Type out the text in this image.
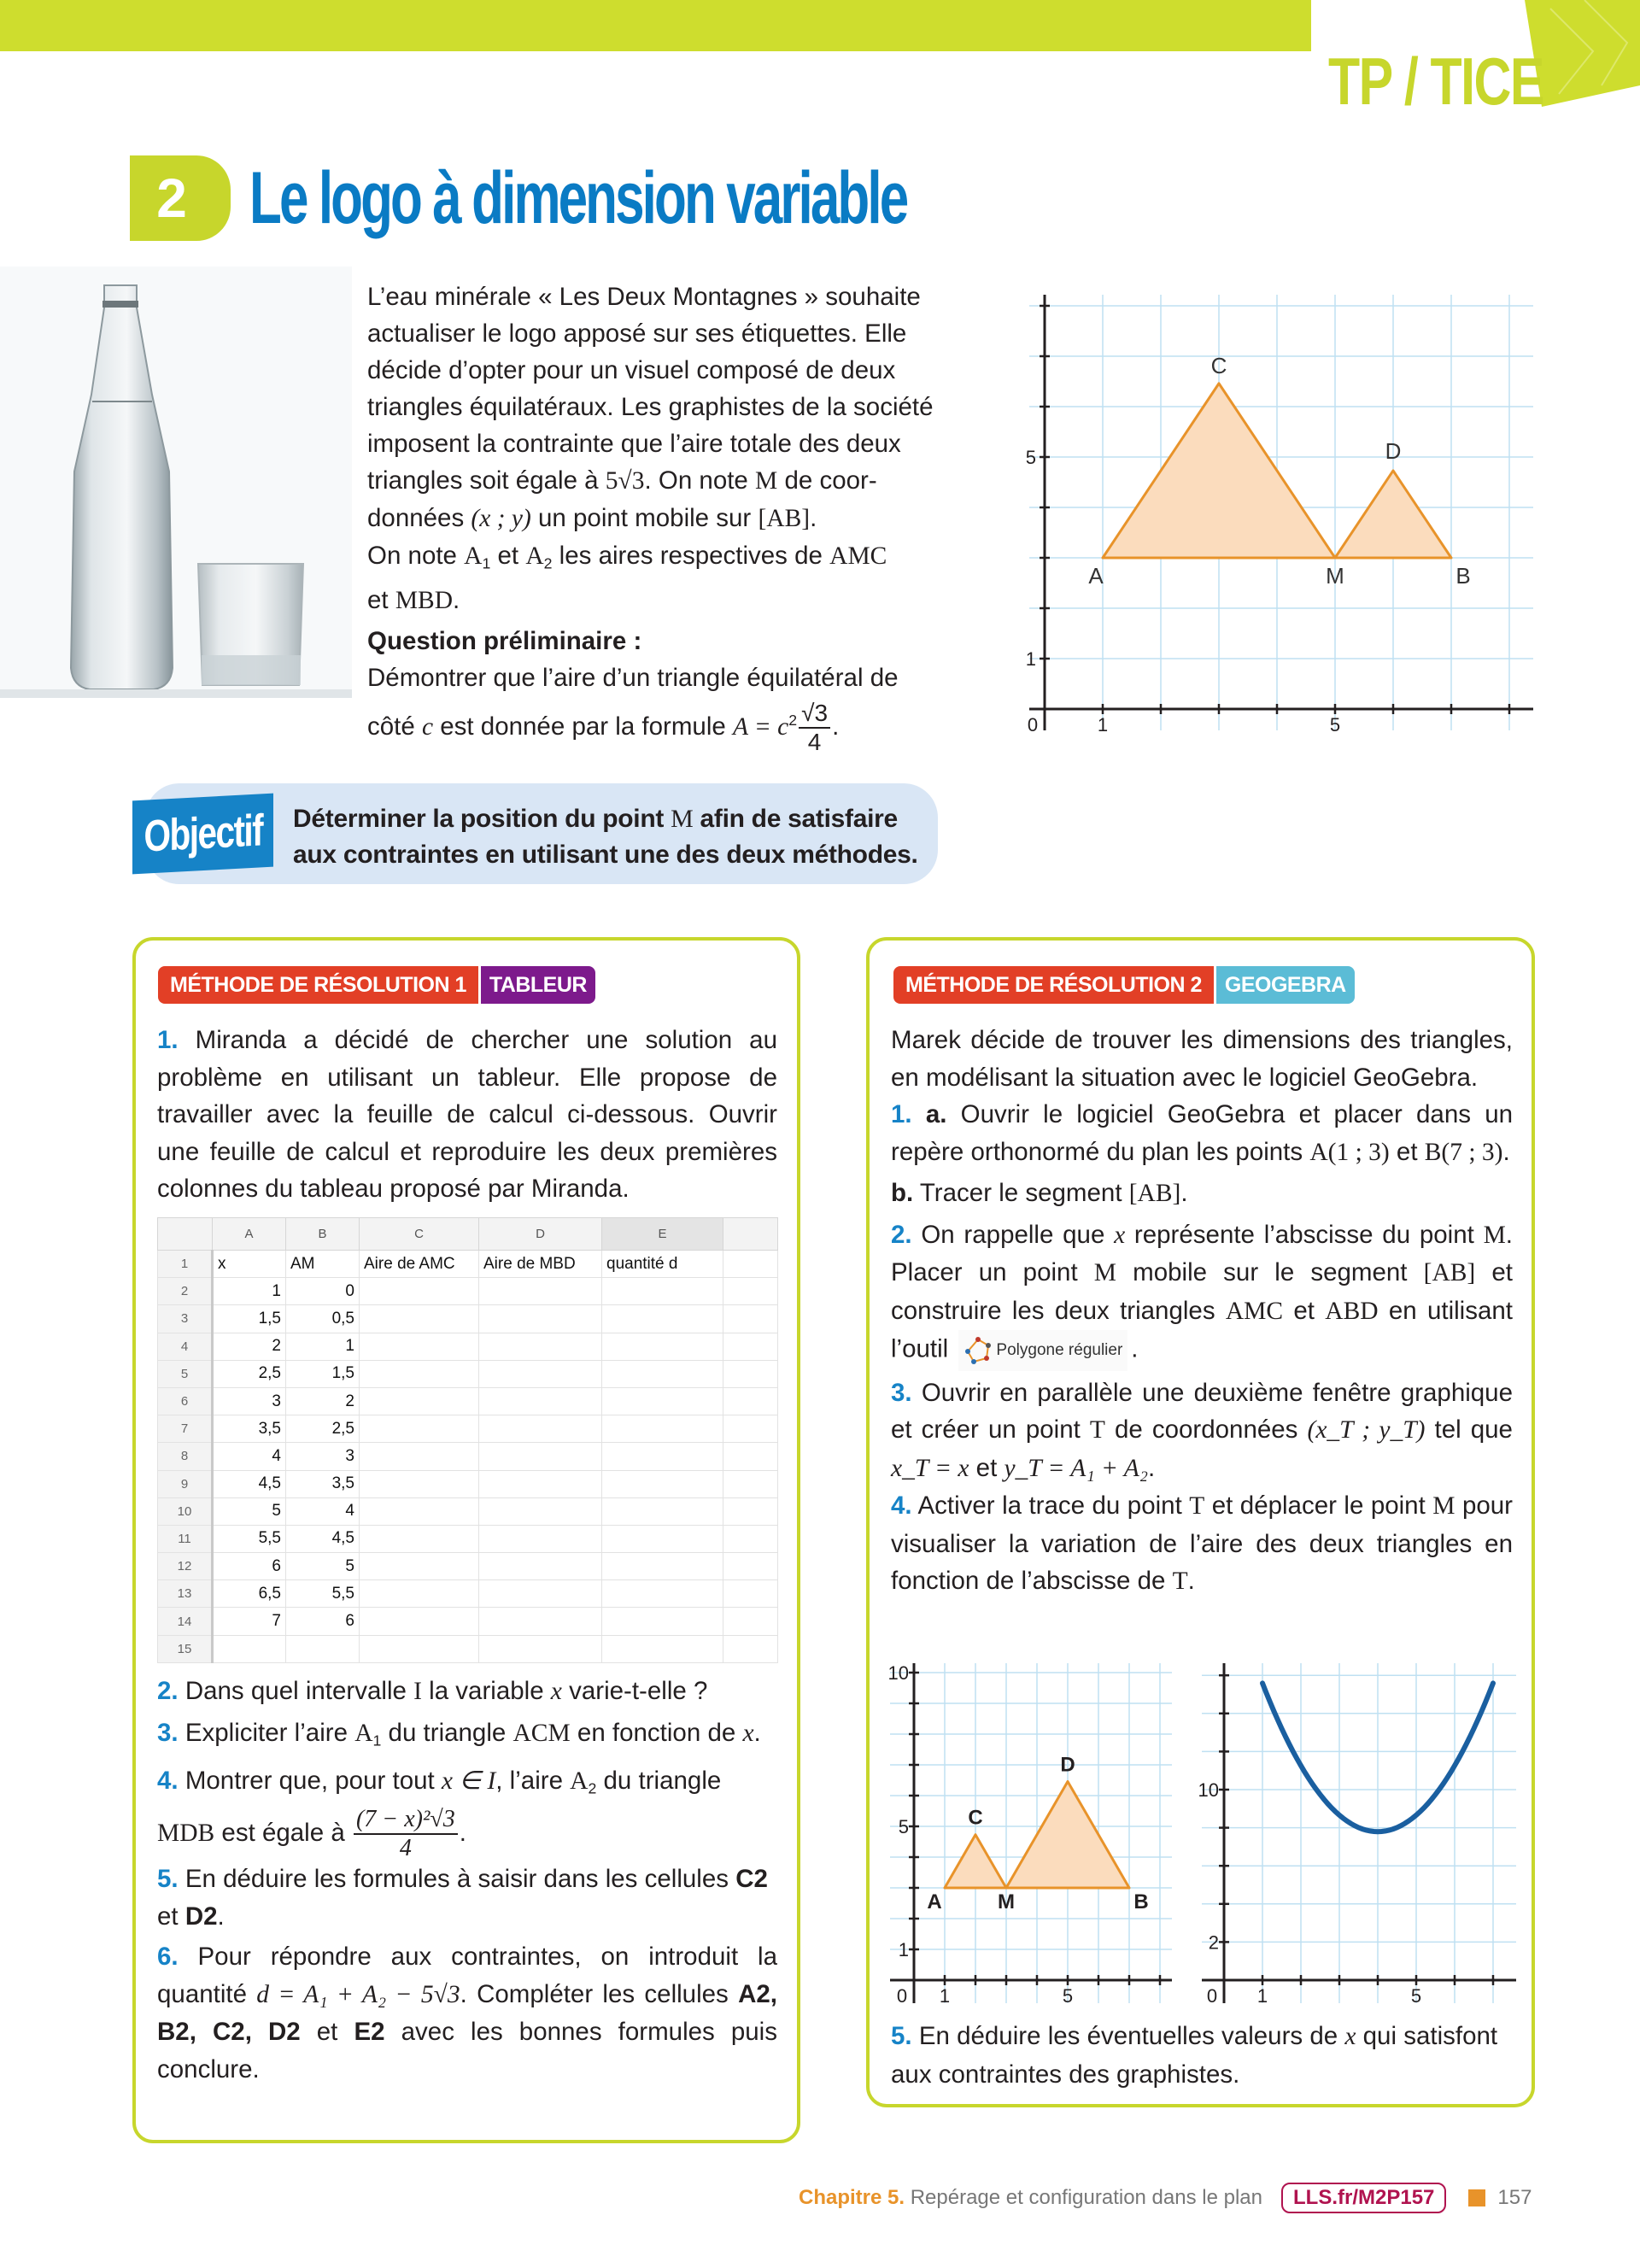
TP / TICE
2 Le logo à dimension variable

L’eau minérale « Les Deux Montagnes » souhaite

actualiser le logo apposé sur ses étiquettes. Elle

décide d’opter pour un visuel composé de deux

triangles équilatéraux. Les graphistes de la société

imposent la contrainte que l’aire totale des deux

triangles soit égale à 5√3. On note M de coor-

données (x ; y) un point mobile sur [AB].

On note $A_1$ et $A_2$ les aires respectives de AMC

et MBD.

Question préliminaire :

Démontrer que l’aire d’un triangle équilatéral de

côté c est donnée par la formule $A = c^2 \frac{√3}{4}$ .

A	M	B
C
D
0	1	5
1
5
Objectif Déterminer la position du point M afin de satisfaire
aux contraintes en utilisant une des deux méthodes.
MÉTHODE DE RÉSOLUTION 1	TABLEUR
1. Miranda a décidé de chercher une solution au problème en utilisant un tableur. Elle propose de travailler avec la feuille de calcul ci-dessous. Ouvrir une feuille de calcul et reproduire les deux premières colonnes du tableau proposé par Miranda.
	A	B	C	D	E	
1	x	AM	Aire de AMC	Aire de MBD	quantité d	
2	1	0				
3	1,5	0,5				
4	2	1				
5	2,5	1,5				
6	3	2				
7	3,5	2,5				
8	4	3				
9	4,5	3,5				
10	5	4				
11	5,5	4,5				
12	6	5				
13	6,5	5,5				
14	7	6				
15						

2. Dans quel intervalle I la variable x varie-t-elle ?

3. Expliciter l’aire $A_1$ du triangle ACM en fonction de x.

4. Montrer que, pour tout x ∈ I, l’aire $A_2$ du triangle

MDB est égale à $\frac{\text{(7 − x)²√3}}{4}$ .

5. En déduire les formules à saisir dans les cellules C2 et D2.

6. Pour répondre aux contraintes, on introduit la quantité d = A₁ + A₂ − 5√3. Compléter les cellules A2, B2, C2, D2 et E2 avec les bonnes formules puis conclure.

MÉTHODE DE RÉSOLUTION 2	GEOGEBRA

Marek décide de trouver les dimensions des triangles, en modélisant la situation avec le logiciel GeoGebra.

1. a. Ouvrir le logiciel GeoGebra et placer dans un repère orthonormé du plan les points A(1 ; 3) et B(7 ; 3).

b. Tracer le segment [AB].

2. On rappelle que x représente l’abscisse du point M. Placer un point M mobile sur le segment [AB] et construire les deux triangles AMC et ABD en utilisant l’outil	Polygone régulier .

3. Ouvrir en parallèle une deuxième fenêtre graphique et créer un point T de coordonnées (x_T ; y_T) tel que x_T = x et y_T = A₁ + A₂.

4. Activer la trace du point T et déplacer le point M pour visualiser la variation de l’aire des deux triangles en fonction de l’abscisse de T.

A	M	B
C
D
0 1	5
1
5
10
0 1	5
2
10
5. En déduire les éventuelles valeurs de x qui satisfont aux contraintes des graphistes.
Chapitre 5. Repérage et configuration dans le plan	LLS.fr/M2P157	157
